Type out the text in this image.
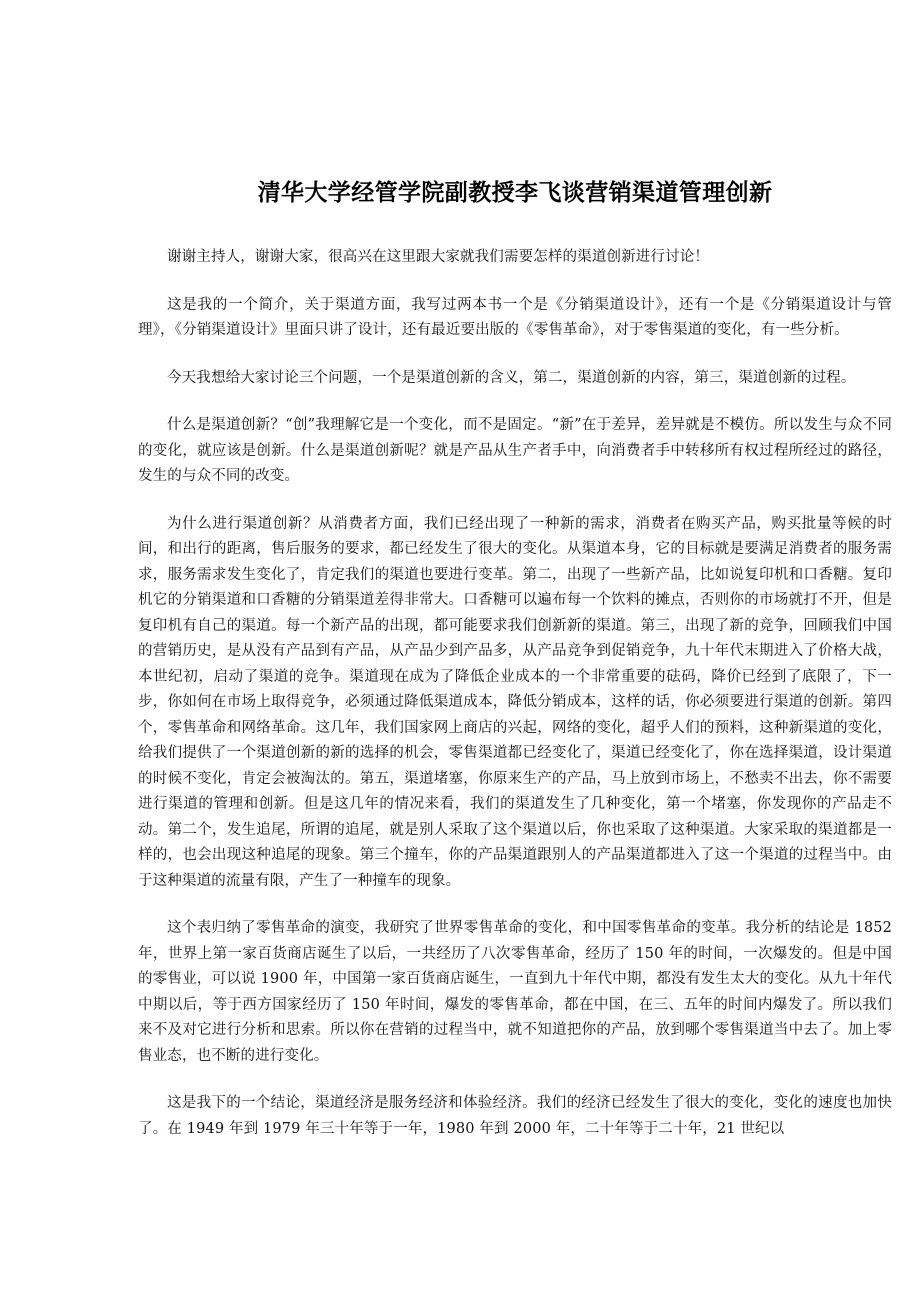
清华大学经管学院副教授李飞谈营销渠道管理创新

谢谢主持人，谢谢大家，很高兴在这里跟大家就我们需要怎样的渠道创新进行讨论！

这是我的一个简介，关于渠道方面，我写过两本书一个是《分销渠道设计》，还有一个是《分销渠道设计与管理》，《分销渠道设计》里面只讲了设计，还有最近要出版的《零售革命》，对于零售渠道的变化，有一些分析。

今天我想给大家讨论三个问题，一个是渠道创新的含义，第二，渠道创新的内容，第三，渠道创新的过程。

什么是渠道创新？“创”我理解它是一个变化，而不是固定。“新”在于差异，差异就是不模仿。所以发生与众不同的变化，就应该是创新。什么是渠道创新呢？就是产品从生产者手中，向消费者手中转移所有权过程所经过的路径，发生的与众不同的改变。

为什么进行渠道创新？从消费者方面，我们已经出现了一种新的需求，消费者在购买产品，购买批量等候的时间，和出行的距离，售后服务的要求，都已经发生了很大的变化。从渠道本身，它的目标就是要满足消费者的服务需求，服务需求发生变化了，肯定我们的渠道也要进行变革。第二，出现了一些新产品，比如说复印机和口香糖。复印机它的分销渠道和口香糖的分销渠道差得非常大。口香糖可以遍布每一个饮料的摊点，否则你的市场就打不开，但是复印机有自己的渠道。每一个新产品的出现，都可能要求我们创新新的渠道。第三，出现了新的竞争，回顾我们中国的营销历史，是从没有产品到有产品，从产品少到产品多，从产品竞争到促销竞争，九十年代末期进入了价格大战，本世纪初，启动了渠道的竞争。渠道现在成为了降低企业成本的一个非常重要的砝码，降价已经到了底限了，下一步，你如何在市场上取得竞争，必须通过降低渠道成本，降低分销成本，这样的话，你必须要进行渠道的创新。第四个，零售革命和网络革命。这几年，我们国家网上商店的兴起，网络的变化，超乎人们的预料，这种新渠道的变化，给我们提供了一个渠道创新的新的选择的机会，零售渠道都已经变化了，渠道已经变化了，你在选择渠道，设计渠道的时候不变化，肯定会被淘汰的。第五，渠道堵塞，你原来生产的产品，马上放到市场上，不愁卖不出去，你不需要进行渠道的管理和创新。但是这几年的情况来看，我们的渠道发生了几种变化，第一个堵塞，你发现你的产品走不动。第二个，发生追尾，所谓的追尾，就是别人采取了这个渠道以后，你也采取了这种渠道。大家采取的渠道都是一样的，也会出现这种追尾的现象。第三个撞车，你的产品渠道跟别人的产品渠道都进入了这一个渠道的过程当中。由于这种渠道的流量有限，产生了一种撞车的现象。

这个表归纳了零售革命的演变，我研究了世界零售革命的变化，和中国零售革命的变革。我分析的结论是 1852 年，世界上第一家百货商店诞生了以后，一共经历了八次零售革命，经历了 150 年的时间，一次爆发的。但是中国的零售业，可以说 1900 年，中国第一家百货商店诞生，一直到九十年代中期，都没有发生太大的变化。从九十年代中期以后，等于西方国家经历了 150 年时间，爆发的零售革命，都在中国，在三、五年的时间内爆发了。所以我们来不及对它进行分析和思索。所以你在营销的过程当中，就不知道把你的产品，放到哪个零售渠道当中去了。加上零售业态，也不断的进行变化。

这是我下的一个结论，渠道经济是服务经济和体验经济。我们的经济已经发生了很大的变化，变化的速度也加快了。在 1949 年到 1979 年三十年等于一年，1980 年到 2000 年，二十年等于二十年，21 世纪以
